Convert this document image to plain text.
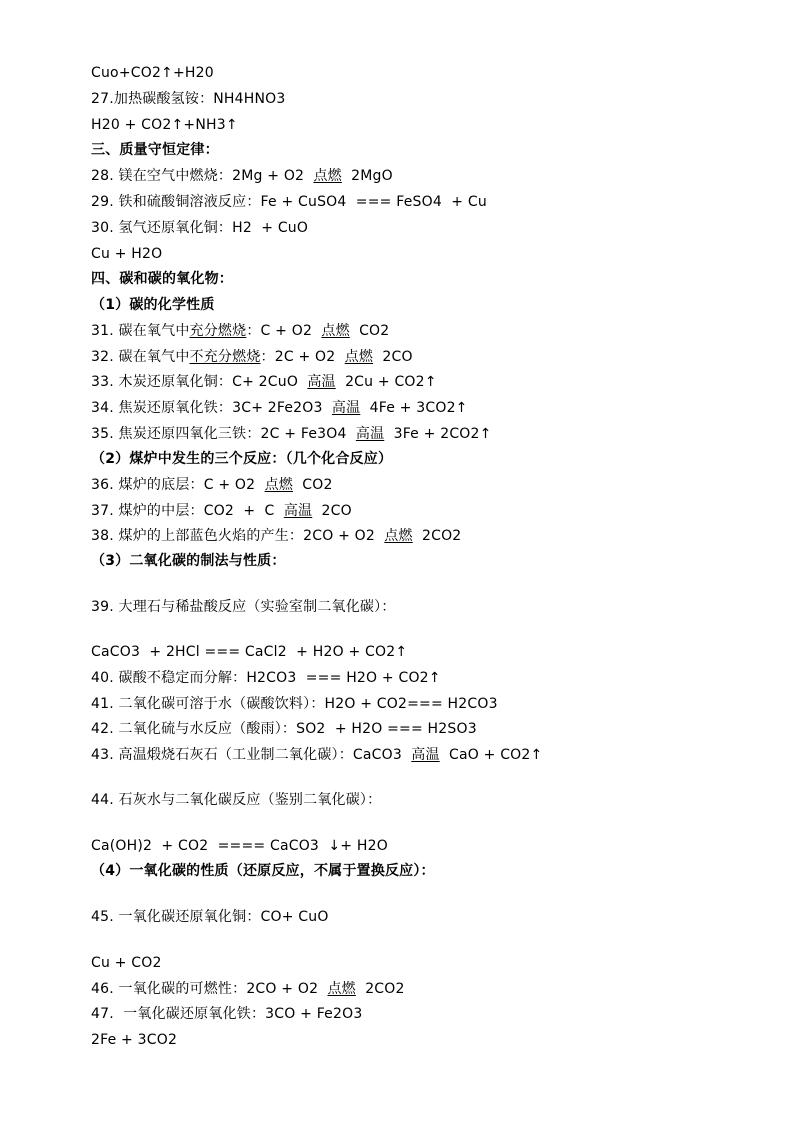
Cuo+CO2↑+H20
27.加热碳酸氢铵：NH4HNO3
H20 + CO2↑+NH3↑
三、质量守恒定律：
28. 镁在空气中燃烧：2Mg + O2  点燃  2MgO
29. 铁和硫酸铜溶液反应：Fe + CuSO4  === FeSO4  + Cu
30. 氢气还原氧化铜：H2  + CuO
Cu + H2O
四、碳和碳的氧化物：
（1）碳的化学性质
31. 碳在氧气中充分燃烧：C + O2  点燃  CO2
32. 碳在氧气中不充分燃烧：2C + O2  点燃  2CO
33. 木炭还原氧化铜：C+ 2CuO  高温  2Cu + CO2↑
34. 焦炭还原氧化铁：3C+ 2Fe2O3  高温  4Fe + 3CO2↑
35. 焦炭还原四氧化三铁：2C + Fe3O4  高温  3Fe + 2CO2↑
（2）煤炉中发生的三个反应：（几个化合反应）
36. 煤炉的底层：C + O2  点燃  CO2
37. 煤炉的中层：CO2  +  C  高温  2CO
38. 煤炉的上部蓝色火焰的产生：2CO + O2  点燃  2CO2
（3）二氧化碳的制法与性质：
39. 大理石与稀盐酸反应（实验室制二氧化碳）：
CaCO3  + 2HCl === CaCl2  + H2O + CO2↑
40. 碳酸不稳定而分解：H2CO3  === H2O + CO2↑
41. 二氧化碳可溶于水（碳酸饮料）：H2O + CO2=== H2CO3
42. 二氧化硫与水反应（酸雨）：SO2  + H2O === H2SO3
43. 高温煅烧石灰石（工业制二氧化碳）：CaCO3  高温  CaO + CO2↑
44. 石灰水与二氧化碳反应（鉴别二氧化碳）：
Ca(OH)2  + CO2  ==== CaCO3  ↓+ H2O
（4）一氧化碳的性质（还原反应，不属于置换反应）：
45. 一氧化碳还原氧化铜：CO+ CuO
Cu + CO2
46. 一氧化碳的可燃性：2CO + O2  点燃  2CO2
47.  一氧化碳还原氧化铁：3CO + Fe2O3
2Fe + 3CO2
